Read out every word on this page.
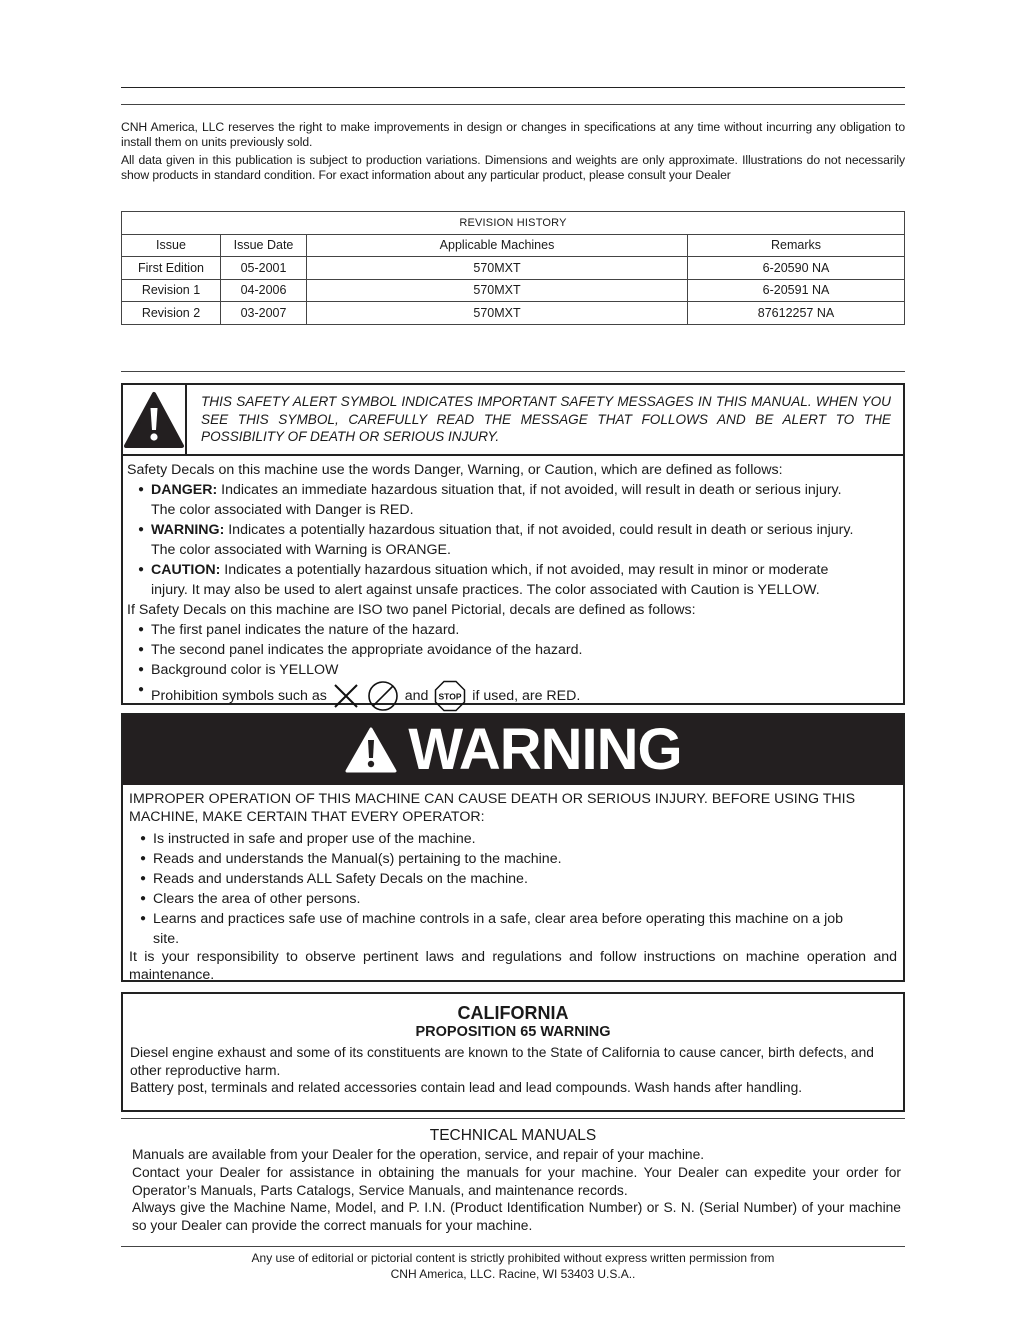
CNH America, LLC reserves the right to make improvements in design or changes in specifications at any time without incurring any obligation to install them on units previously sold.

All data given in this publication is subject to production variations. Dimensions and weights are only approximate. Illustrations do not necessarily show products in standard condition. For exact information about any particular product, please consult your Dealer

REVISION HISTORY			
Issue	Issue Date	Applicable Machines	Remarks
First Edition	05-2001	570MXT	6-20590 NA
Revision 1	04-2006	570MXT	6-20591 NA
Revision 2	03-2007	570MXT	87612257 NA
THIS SAFETY ALERT SYMBOL INDICATES IMPORTANT SAFETY MESSAGES IN THIS MANUAL. WHEN YOU SEE THIS SYMBOL, CAREFULLY READ THE MESSAGE THAT FOLLOWS AND BE ALERT TO THE POSSIBILITY OF DEATH OR SERIOUS INJURY.

Safety Decals on this machine use the words Danger, Warning, or Caution, which are defined as follows:

● DANGER: Indicates an immediate hazardous situation that, if not avoided, will result in death or serious injury.

The color associated with Danger is RED.

● WARNING: Indicates a potentially hazardous situation that, if not avoided, could result in death or serious injury.

The color associated with Warning is ORANGE.

● CAUTION: Indicates a potentially hazardous situation which, if not avoided, may result in minor or moderate

injury. It may also be used to alert against unsafe practices. The color associated with Caution is YELLOW.

If Safety Decals on this machine are ISO two panel Pictorial, decals are defined as follows:

● The first panel indicates the nature of the hazard.

● The second panel indicates the appropriate avoidance of the hazard.

● Background color is YELLOW

● Prohibition symbols such as	and STOP if used, are RED.

WARNING

IMPROPER OPERATION OF THIS MACHINE CAN CAUSE DEATH OR SERIOUS INJURY. BEFORE USING THIS MACHINE, MAKE CERTAIN THAT EVERY OPERATOR:

● Is instructed in safe and proper use of the machine.
● Reads and understands the Manual(s) pertaining to the machine.
● Reads and understands ALL Safety Decals on the machine.
● Clears the area of other persons.
● Learns and practices safe use of machine controls in a safe, clear area before operating this machine on a job
site.

It is your responsibility to observe pertinent laws and regulations and follow instructions on machine operation and maintenance.

CALIFORNIA
PROPOSITION 65 WARNING

Diesel engine exhaust and some of its constituents are known to the State of California to cause cancer, birth defects, and other reproductive harm.

Battery post, terminals and related accessories contain lead and lead compounds. Wash hands after handling.

TECHNICAL MANUALS

Manuals are available from your Dealer for the operation, service, and repair of your machine.

Contact your Dealer for assistance in obtaining the manuals for your machine. Your Dealer can expedite your order for Operator’s Manuals, Parts Catalogs, Service Manuals, and maintenance records.

Always give the Machine Name, Model, and P. I.N. (Product Identification Number) or S. N. (Serial Number) of your machine so your Dealer can provide the correct manuals for your machine.

Any use of editorial or pictorial content is strictly prohibited without express written permission from
CNH America, LLC. Racine, WI 53403 U.S.A..
